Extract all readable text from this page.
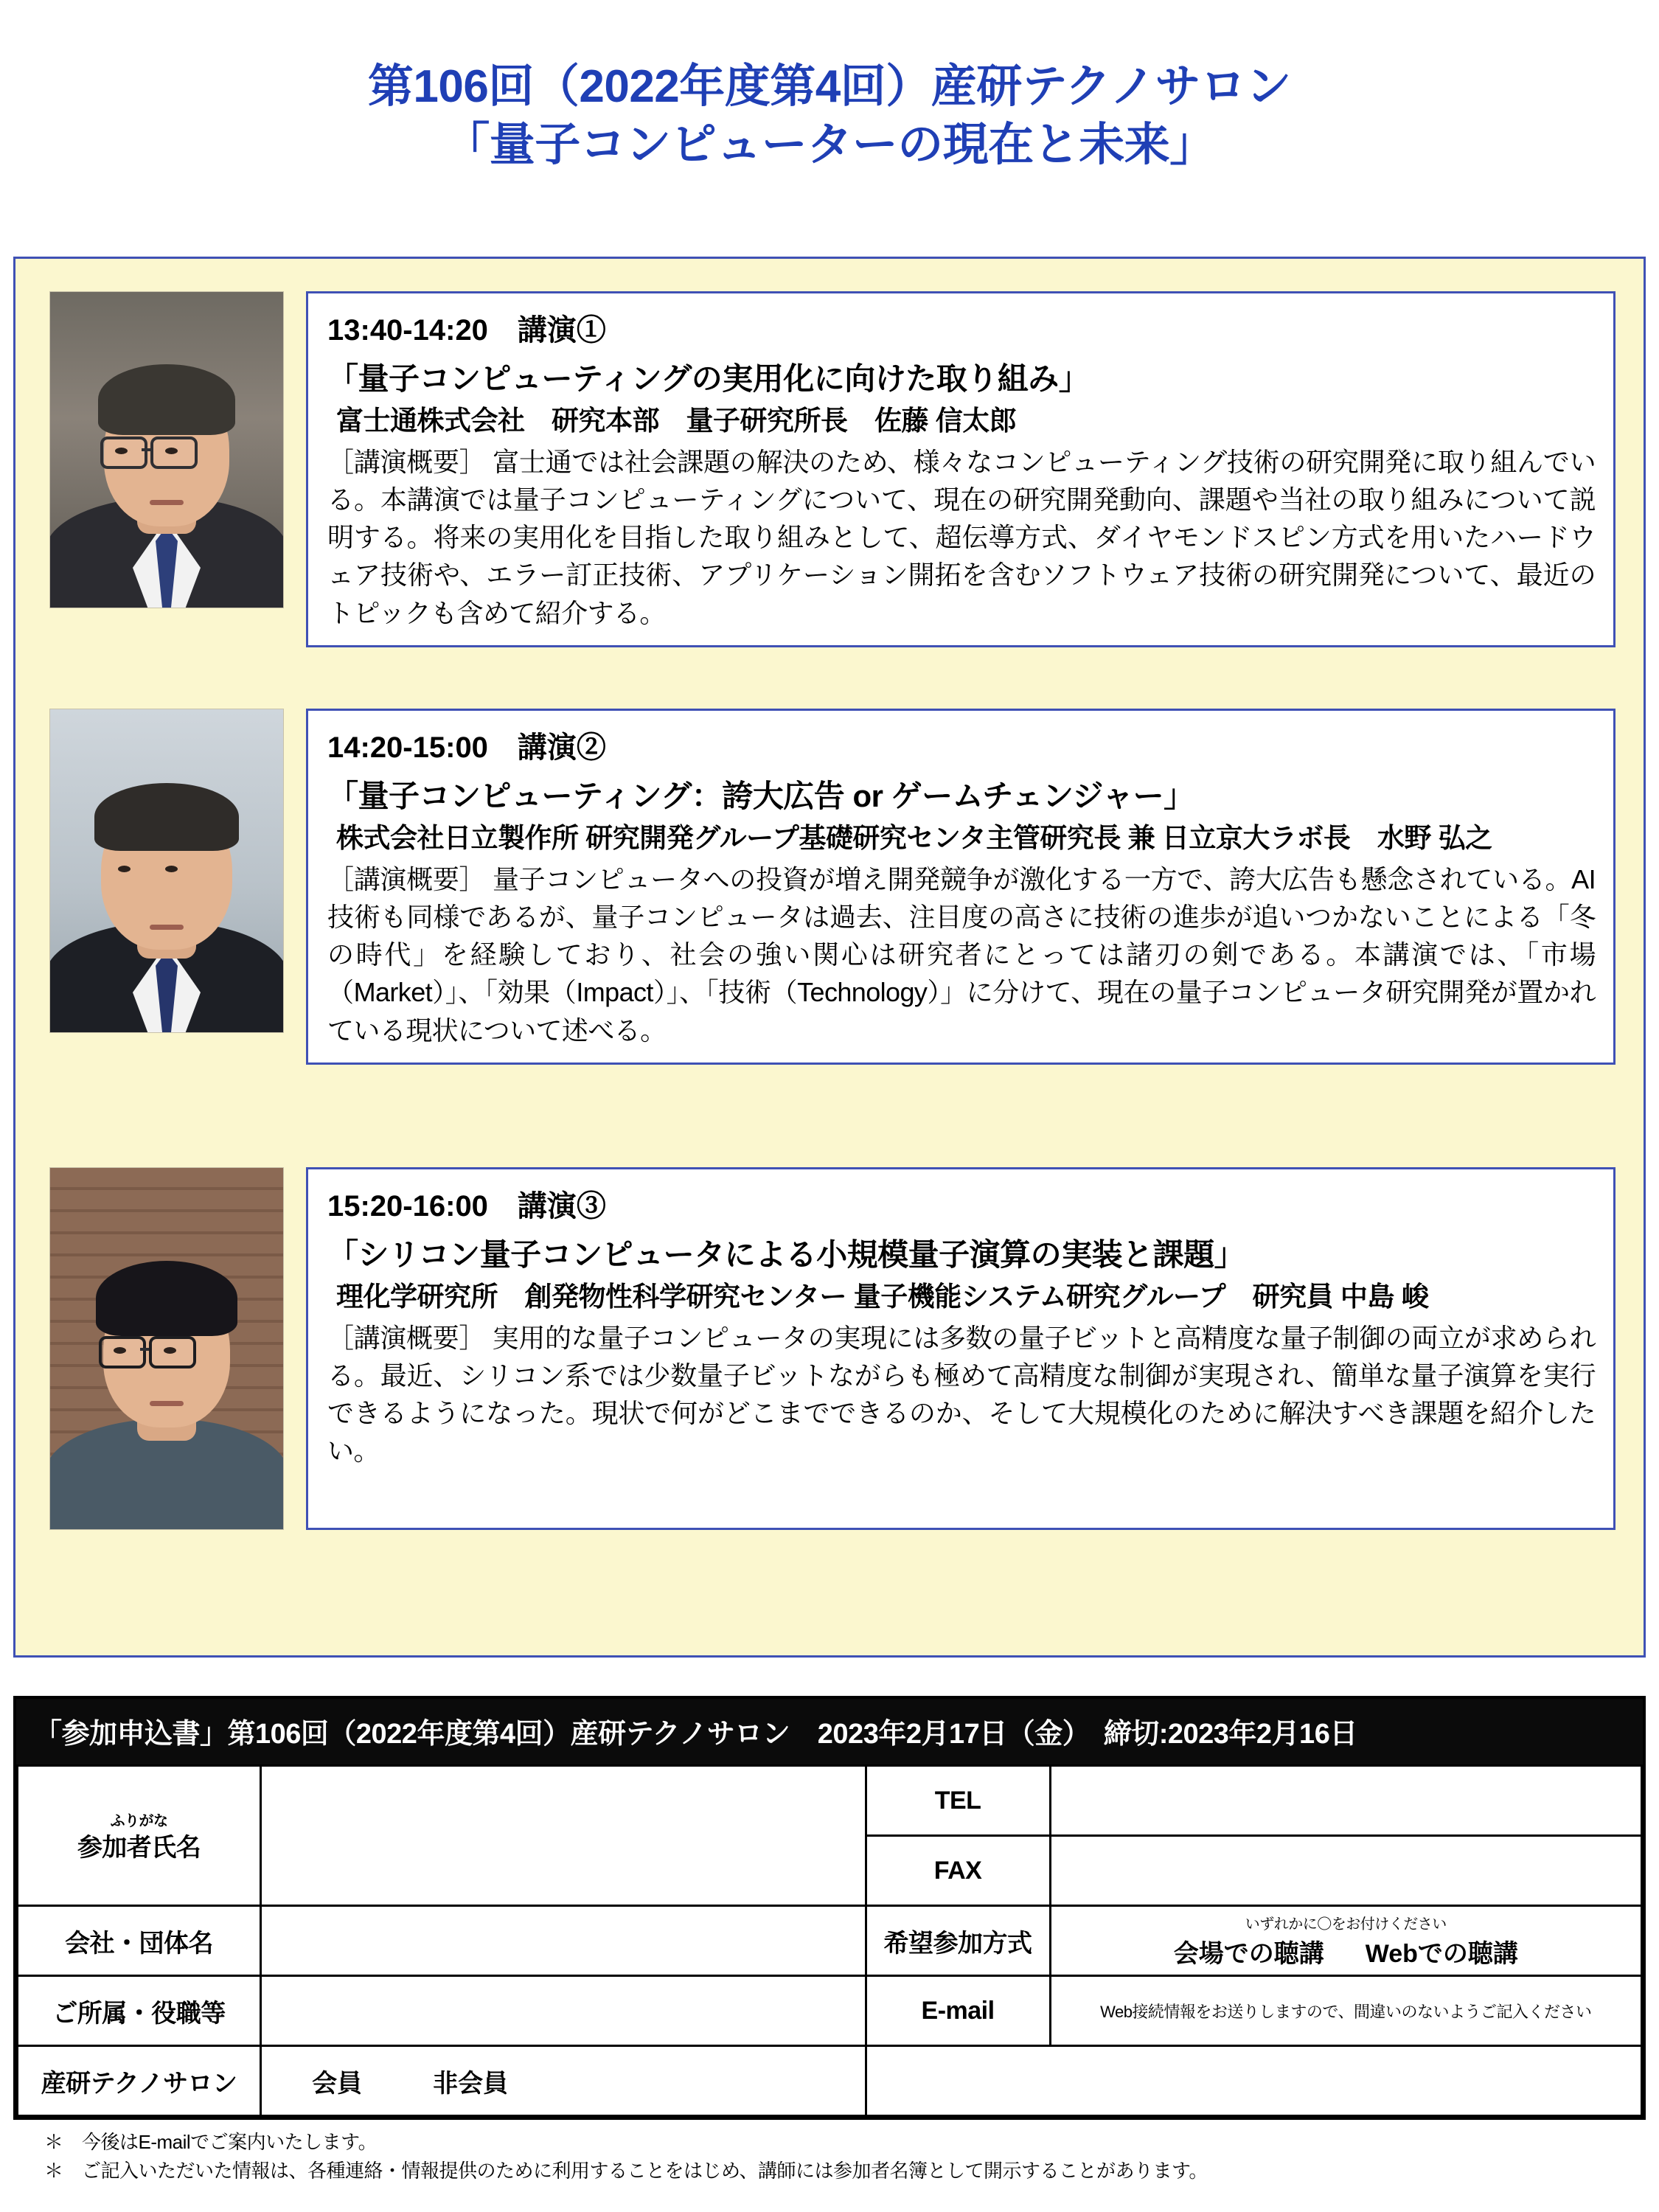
第106回（2022年度第4回）産研テクノサロン
「量子コンピューターの現在と未来」
13:40-14:20　講演①
「量子コンピューティングの実用化に向けた取り組み」
富士通株式会社　研究本部　量子研究所長　佐藤 信太郎
［講演概要］ 富士通では社会課題の解決のため、様々なコンピューティング技術の研究開発に取り組んでいる。本講演では量子コンピューティングについて、現在の研究開発動向、課題や当社の取り組みについて説明する。将来の実用化を目指した取り組みとして、超伝導方式、ダイヤモンドスピン方式を用いたハードウェア技術や、エラー訂正技術、アプリケーション開拓を含むソフトウェア技術の研究開発について、最近のトピックも含めて紹介する。
14:20-15:00　講演②
「量子コンピューティング：誇大広告 or ゲームチェンジャー」
株式会社日立製作所 研究開発グループ基礎研究センタ主管研究長 兼 日立京大ラボ長　水野 弘之
［講演概要］ 量子コンピュータへの投資が増え開発競争が激化する一方で、誇大広告も懸念されている。AI技術も同様であるが、量子コンピュータは過去、注目度の高さに技術の進歩が追いつかないことによる「冬の時代」を経験しており、社会の強い関心は研究者にとっては諸刃の剣である。本講演では、「市場（Market）」、「効果（Impact）」、「技術（Technology）」に分けて、現在の量子コンピュータ研究開発が置かれている現状について述べる。
15:20-16:00　講演③
「シリコン量子コンピュータによる小規模量子演算の実装と課題」
理化学研究所　創発物性科学研究センター 量子機能システム研究グループ　研究員 中島 峻
［講演概要］ 実用的な量子コンピュータの実現には多数の量子ビットと高精度な量子制御の両立が求められる。最近、シリコン系では少数量子ビットながらも極めて高精度な制御が実現され、簡単な量子演算を実行できるようになった。現状で何がどこまでできるのか、そして大規模化のために解決すべき課題を紹介したい。
「参加申込書」第106回（2022年度第4回）産研テクノサロン　2023年2月17日（金）　締切:2023年2月16日
ふりがな
参加者氏名		TEL	
		FAX	
会社・団体名		希望参加方式	いずれかに〇をお付けください
会場での聴講 Webでの聴講

ご所属・役職等		E-mail	Web接続情報をお送りしますので、間違いのないようご記入ください

産研テクノサロン	会員 非会員		

＊　今後はE-mailでご案内いたします。
＊　ご記入いただいた情報は、各種連絡・情報提供のために利用することをはじめ、講師には参加者名簿として開示することがあります。
